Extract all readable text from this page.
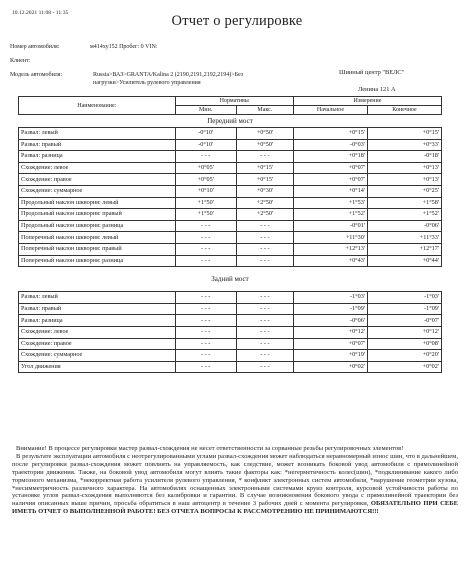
10.12.2021 11:08 - 11:35	Отчет о регулировке
Номер автомобиля:	м414ху152 Пробег: 0 VIN:
Клиент:
Модель автомобиля:	Russia>ВАЗ>GRANTA/Kalina 2 (2190,2191,2192,2194)>Без
нагрузки>Усилитель рулевого управления
Шинный центр "ВЕЛС"
Ленина 121 А
Наименование:	Нормативы		Измерение	
	Мин.	Макс.	Начальное	Конечное
Передний мост				
Развал: левый	-0°10'	+0°50'	+0°15'	+0°15'
Развал: правый	-0°10'	+0°50'	-0°03'	+0°33'
Развал: разница	- - -	- - -	+0°18'	-0°18'
Схождение: левое	+0°05'	+0°15'	+0°07'	+0°13'
Схождение: правое	+0°05'	+0°15'	+0°07'	+0°13'
Схождение: суммарное	+0°10'	+0°30'	+0°14'	+0°25'
Продольный наклон шкворня: левый	+1°50'	+2°50'	+1°53'	+1°58'
Продольный наклон шкворня: правый	+1°50'	+2°50'	+1°52'	+1°52'
Продольный наклон шкворня: разница	- - -	- - -	-0°01'	-0°06'
Поперечный наклон шкворня: левый	- - -	- - -	+11°30'	+11°33'
Поперечный наклон шкворня: правый	- - -	- - -	+12°13'	+12°17'
Поперечный наклон шкворня: разница	- - -	- - -	+0°43'	+0°44'
Задний мост				
Развал: левый	- - -	- - -	-1°03'	-1°03'
Развал: правый	- - -	- - -	-1°09'	-1°09'
Развал: разница	- - -	- - -	-0°06'	-0°07'
Схождение: левое	- - -	- - -	+0°12'	+0°12'
Схождение: правое	- - -	- - -	+0°07'	+0°08'
Схождение: суммарное	- - -	- - -	+0°19'	+0°20'
Угол движения	- - -	- - -	+0°02'	+0°02'

Внимание! В процессе регулировки мастер развал-схождения не несет ответственности за сорванные резьбы регулировочных элементов!

В результате эксплуатации автомобиля с неотрегулированными углами развал-схождения может наблюдаться неравномерный износ шин, что в дальнейшем, после регулировки развал-схождения может повлиять на управляемость, как следствие, может возникать боковой увод автомобиля с прямолинейной траектории движения. Также, на боковой увод автомобиля могут влиять такие факторы как: *негерметичность колес(шин), *подклинивание какого либо тормозного механизма, *некорректная работа усилителя рулевого управления, * конфликт электронных систем автомобиля, *нарушение геометрии кузова, *несимметричность различного характера. На автомобилях оснащенных электронными системами круиз контроля, курсовой устойчивости работы по установке углов развал-схождения выполняются без калибровки и гарантии. В случае возникновения бокового увода с прямолинейной траектории без наличия описанных выше причин, просьба обратиться в наш автоцентр в течение 3 рабочих дней с момента регулировки, ОБЯЗАТЕЛЬНО ПРИ СЕБЕ ИМЕТЬ ОТЧЕТ О ВЫПОЛНЕННОЙ РАБОТЕ! БЕЗ ОТЧЕТА ВОПРОСЫ К РАССМОТРЕНИЮ НЕ ПРИНИМАЮТСЯ!!!
